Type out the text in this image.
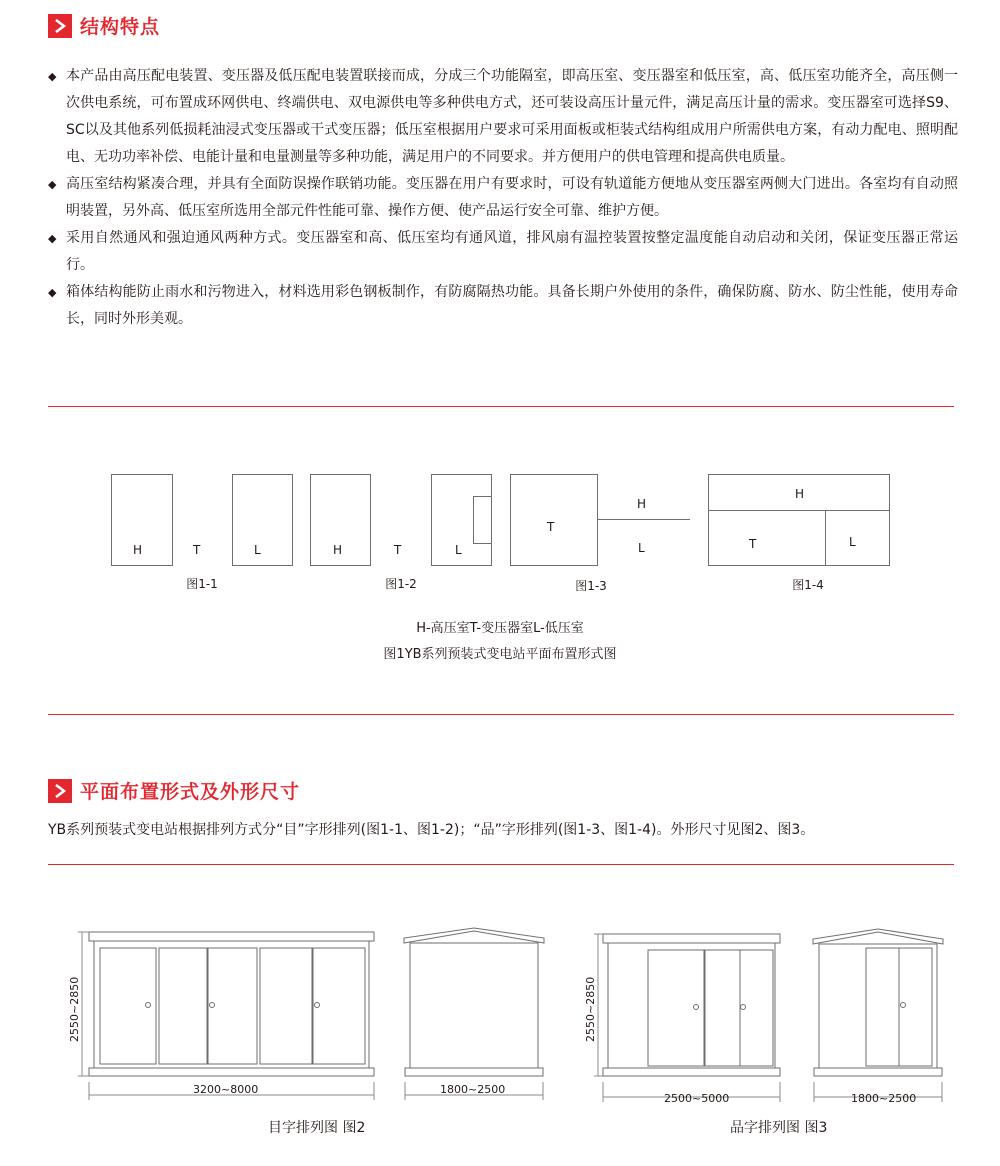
结构特点
◆ 本产品由高压配电装置、变压器及低压配电装置联接而成，分成三个功能隔室，即高压室、变压器室和低压室，高、低压室功能齐全，高压侧一次供电系统，可布置成环网供电、终端供电、双电源供电等多种供电方式，还可装设高压计量元件，满足高压计量的需求。变压器室可选择S9、SC以及其他系列低损耗油浸式变压器或干式变压器；低压室根据用户要求可采用面板或柜装式结构组成用户所需供电方案，有动力配电、照明配电、无功功率补偿、电能计量和电量测量等多种功能，满足用户的不同要求。并方便用户的供电管理和提高供电质量。
◆ 高压室结构紧凑合理，并具有全面防误操作联销功能。变压器在用户有要求时，可设有轨道能方便地从变压器室两侧大门进出。各室均有自动照明装置，另外高、低压室所选用全部元件性能可靠、操作方便、使产品运行安全可靠、维护方便。
◆ 采用自然通风和强迫通风两种方式。变压器室和高、低压室均有通风道，排风扇有温控装置按整定温度能自动启动和关闭，保证变压器正常运行。
◆ 箱体结构能防止雨水和污物进入，材料选用彩色钢板制作，有防腐隔热功能。具备长期户外使用的条件，确保防腐、防水、防尘性能，使用寿命长，同时外形美观。
H	T	L
图1-1
H	T	L
图1-2
T
H
L
图1-3
H
T	L
图1-4
H-高压室T-变压器室L-低压室
图1YB系列预装式变电站平面布置形式图
平面布置形式及外形尺寸
YB系列预装式变电站根据排列方式分“目”字形排列(图1-1、图1-2)；“品”字形排列(图1-3、图1-4)。外形尺寸见图2、图3。
2550~2850
3200~8000	1800~2500
2550~2850
2500~5000	1800~2500
目字排列图 图2	品字排列图 图3
